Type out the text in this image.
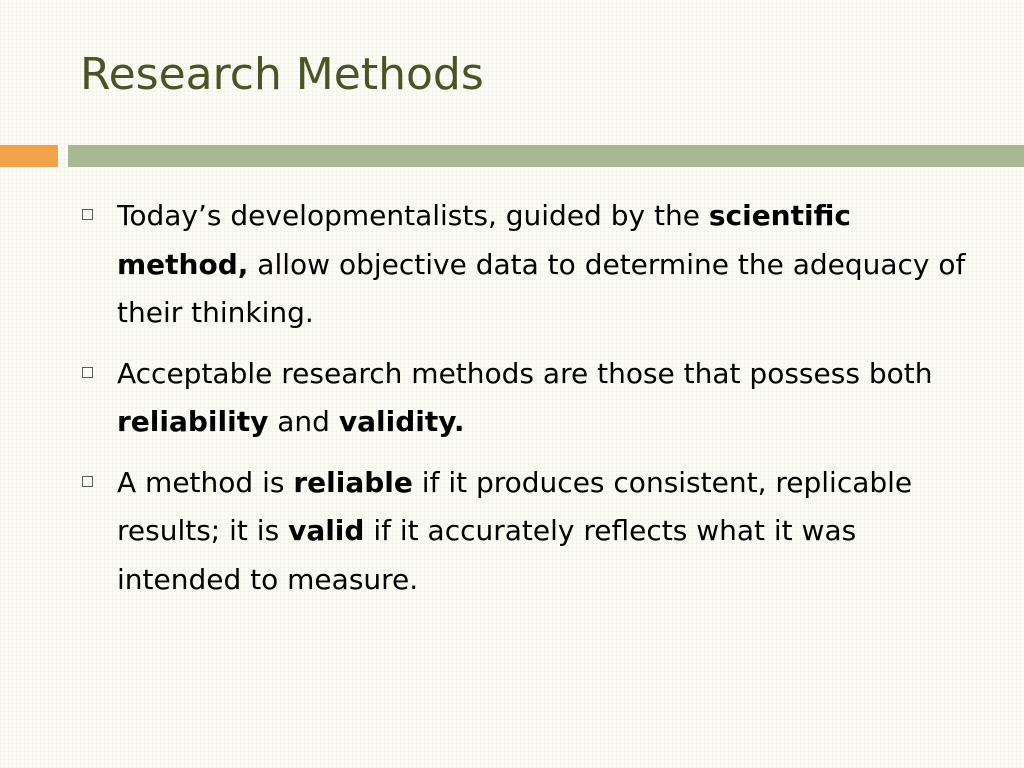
Research Methods
Today’s developmentalists, guided by the scientific method, allow objective data to determine the adequacy of their thinking.
Acceptable research methods are those that possess both reliability and validity.
A method is reliable if it produces consistent, replicable results; it is valid if it accurately reflects what it was intended to measure.
